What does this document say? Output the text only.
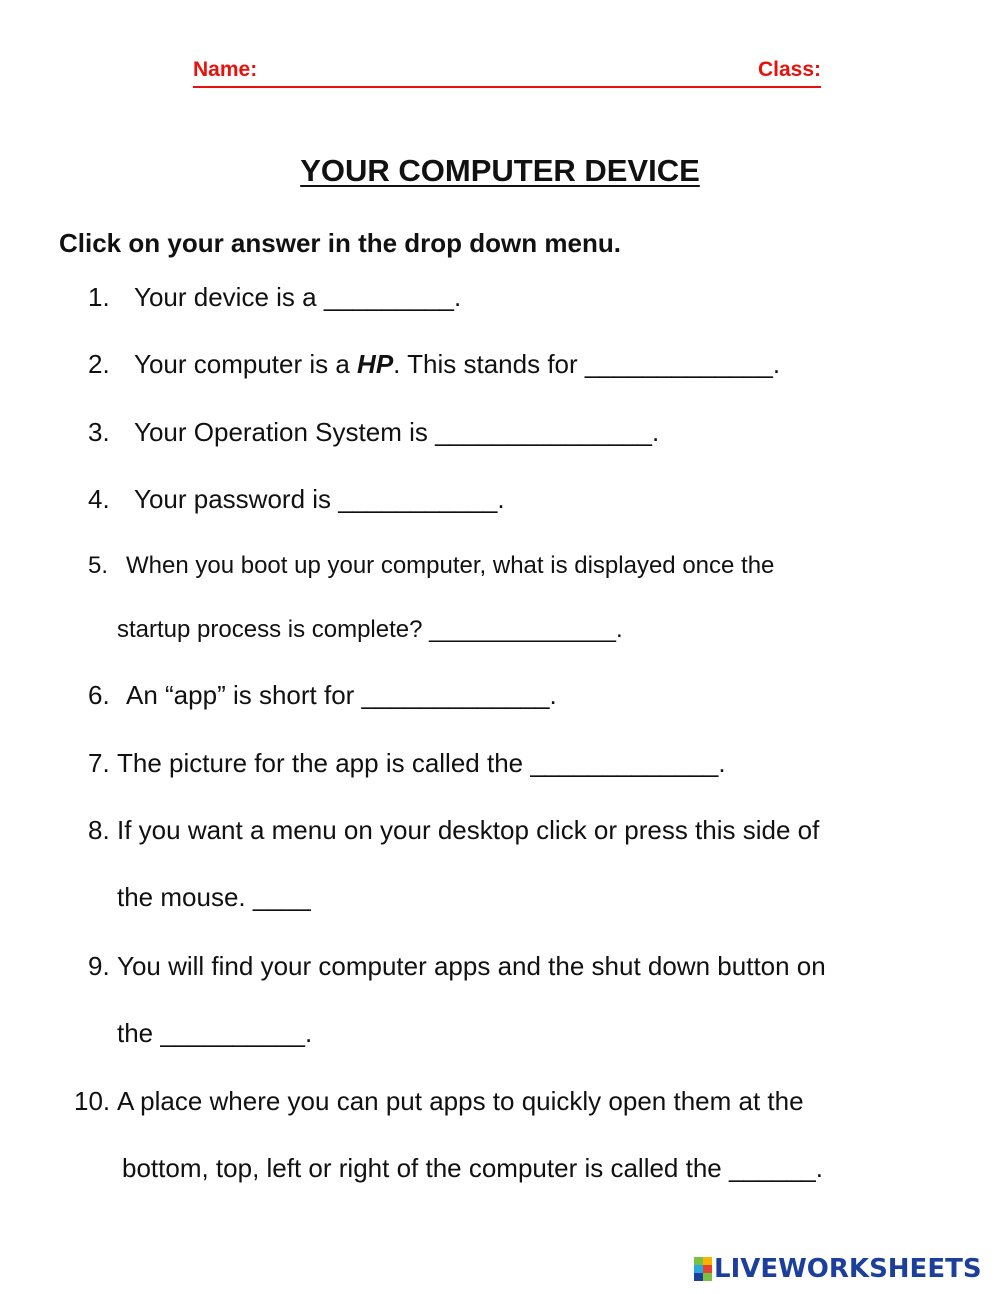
Name:	Class:
YOUR COMPUTER DEVICE
Click on your answer in the drop down menu.
1. Your device is a _________.
2. Your computer is a HP. This stands for _____________.
3. Your Operation System is _______________.
4. Your password is ___________.
5. When you boot up your computer, what is displayed once the
startup process is complete? ______________.
6. An “app” is short for _____________.
7. The picture for the app is called the _____________.
8. If you want a menu on your desktop click or press this side of
the mouse. ____
9. You will find your computer apps and the shut down button on
the __________.
10. A place where you can put apps to quickly open them at the
bottom, top, left or right of the computer is called the ______.
LIVEWORKSHEETS
